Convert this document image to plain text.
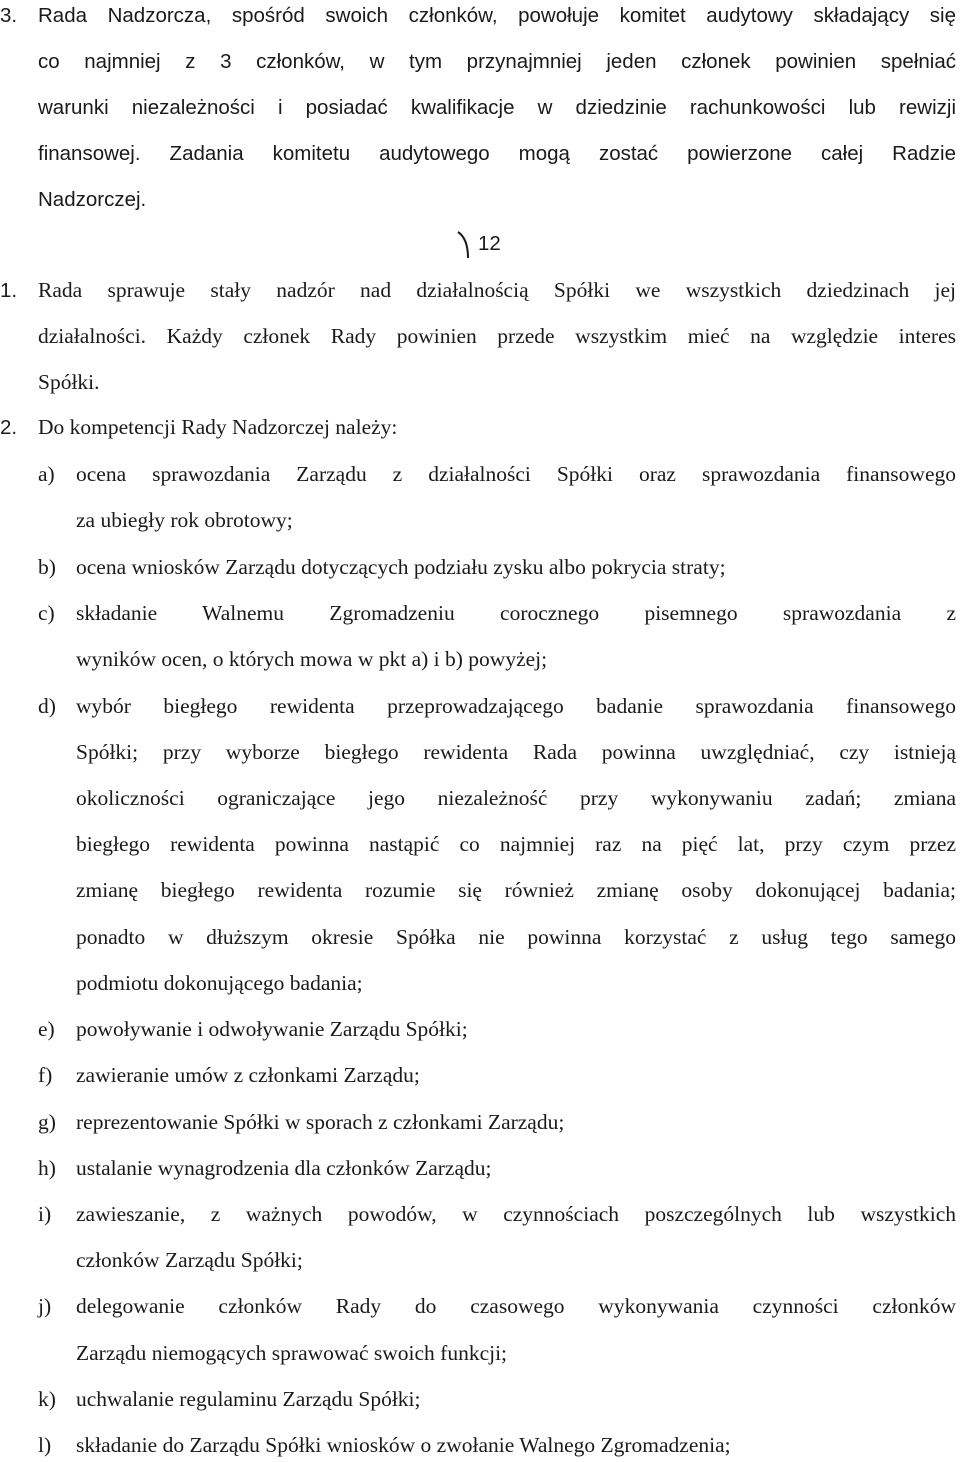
3. Rada Nadzorcza, spośród swoich członków, powołuje komitet audytowy składający się
co najmniej z 3 członków, w tym przynajmniej jeden członek powinien spełniać
warunki niezależności i posiadać kwalifikacje w dziedzinie rachunkowości lub rewizji
finansowej. Zadania komitetu audytowego mogą zostać powierzone całej Radzie
Nadzorczej.
12
1. Rada sprawuje stały nadzór nad działalnością Spółki we wszystkich dziedzinach jej
działalności. Każdy członek Rady powinien przede wszystkim mieć na względzie interes
Spółki.
2. Do kompetencji Rady Nadzorczej należy:
a) ocena sprawozdania Zarządu z działalności Spółki oraz sprawozdania finansowego
za ubiegły rok obrotowy;
b) ocena wniosków Zarządu dotyczących podziału zysku albo pokrycia straty;
c) składanie Walnemu Zgromadzeniu corocznego pisemnego sprawozdania z
wyników ocen, o których mowa w pkt a) i b) powyżej;
d) wybór biegłego rewidenta przeprowadzającego badanie sprawozdania finansowego
Spółki; przy wyborze biegłego rewidenta Rada powinna uwzględniać, czy istnieją
okoliczności ograniczające jego niezależność przy wykonywaniu zadań; zmiana
biegłego rewidenta powinna nastąpić co najmniej raz na pięć lat, przy czym przez
zmianę biegłego rewidenta rozumie się również zmianę osoby dokonującej badania;
ponadto w dłuższym okresie Spółka nie powinna korzystać z usług tego samego
podmiotu dokonującego badania;
e) powoływanie i odwoływanie Zarządu Spółki;
f) zawieranie umów z członkami Zarządu;
g) reprezentowanie Spółki w sporach z członkami Zarządu;
h) ustalanie wynagrodzenia dla członków Zarządu;
i) zawieszanie, z ważnych powodów, w czynnościach poszczególnych lub wszystkich
członków Zarządu Spółki;
j) delegowanie członków Rady do czasowego wykonywania czynności członków
Zarządu niemogących sprawować swoich funkcji;
k) uchwalanie regulaminu Zarządu Spółki;
l) składanie do Zarządu Spółki wniosków o zwołanie Walnego Zgromadzenia;
